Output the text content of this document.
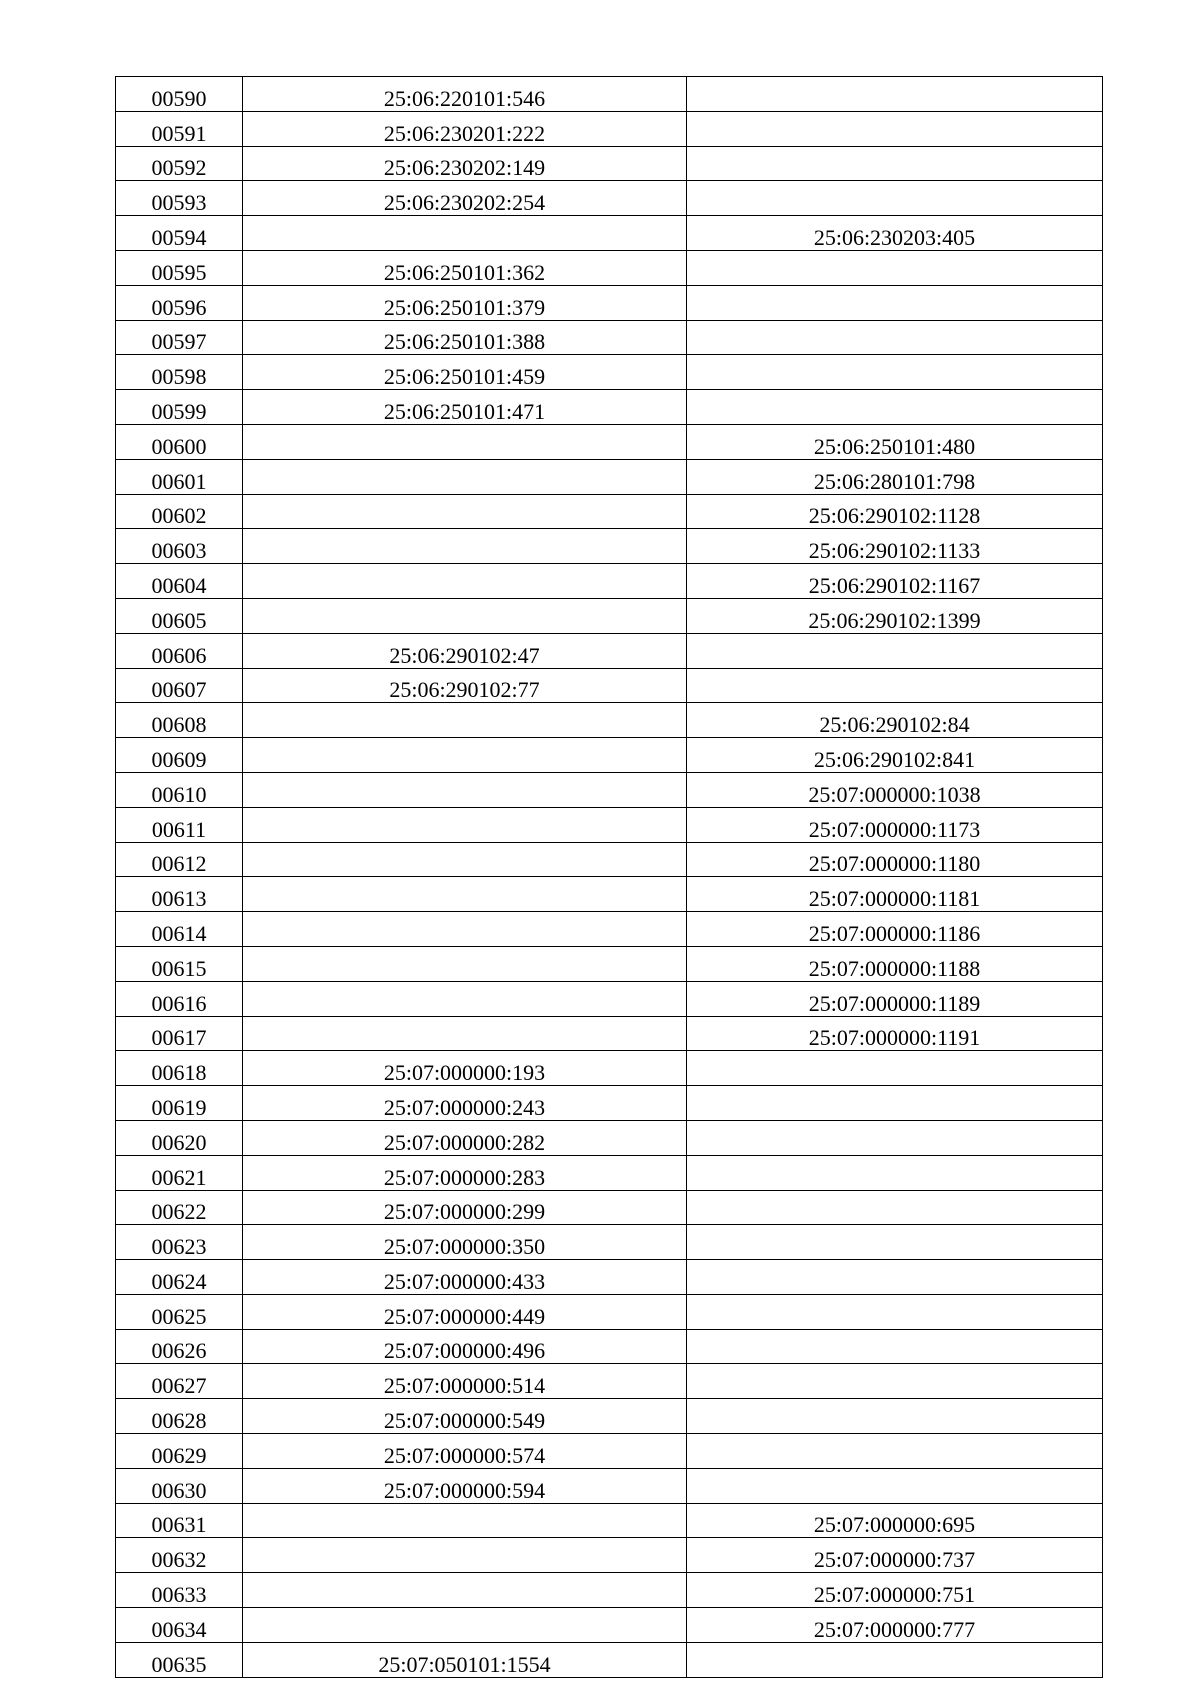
00590	25:06:220101:546	
00591	25:06:230201:222	
00592	25:06:230202:149	
00593	25:06:230202:254	
00594		25:06:230203:405
00595	25:06:250101:362	
00596	25:06:250101:379	
00597	25:06:250101:388	
00598	25:06:250101:459	
00599	25:06:250101:471	
00600		25:06:250101:480
00601		25:06:280101:798
00602		25:06:290102:1128
00603		25:06:290102:1133
00604		25:06:290102:1167
00605		25:06:290102:1399
00606	25:06:290102:47	
00607	25:06:290102:77	
00608		25:06:290102:84
00609		25:06:290102:841
00610		25:07:000000:1038
00611		25:07:000000:1173
00612		25:07:000000:1180
00613		25:07:000000:1181
00614		25:07:000000:1186
00615		25:07:000000:1188
00616		25:07:000000:1189
00617		25:07:000000:1191
00618	25:07:000000:193	
00619	25:07:000000:243	
00620	25:07:000000:282	
00621	25:07:000000:283	
00622	25:07:000000:299	
00623	25:07:000000:350	
00624	25:07:000000:433	
00625	25:07:000000:449	
00626	25:07:000000:496	
00627	25:07:000000:514	
00628	25:07:000000:549	
00629	25:07:000000:574	
00630	25:07:000000:594	
00631		25:07:000000:695
00632		25:07:000000:737
00633		25:07:000000:751
00634		25:07:000000:777
00635	25:07:050101:1554	
